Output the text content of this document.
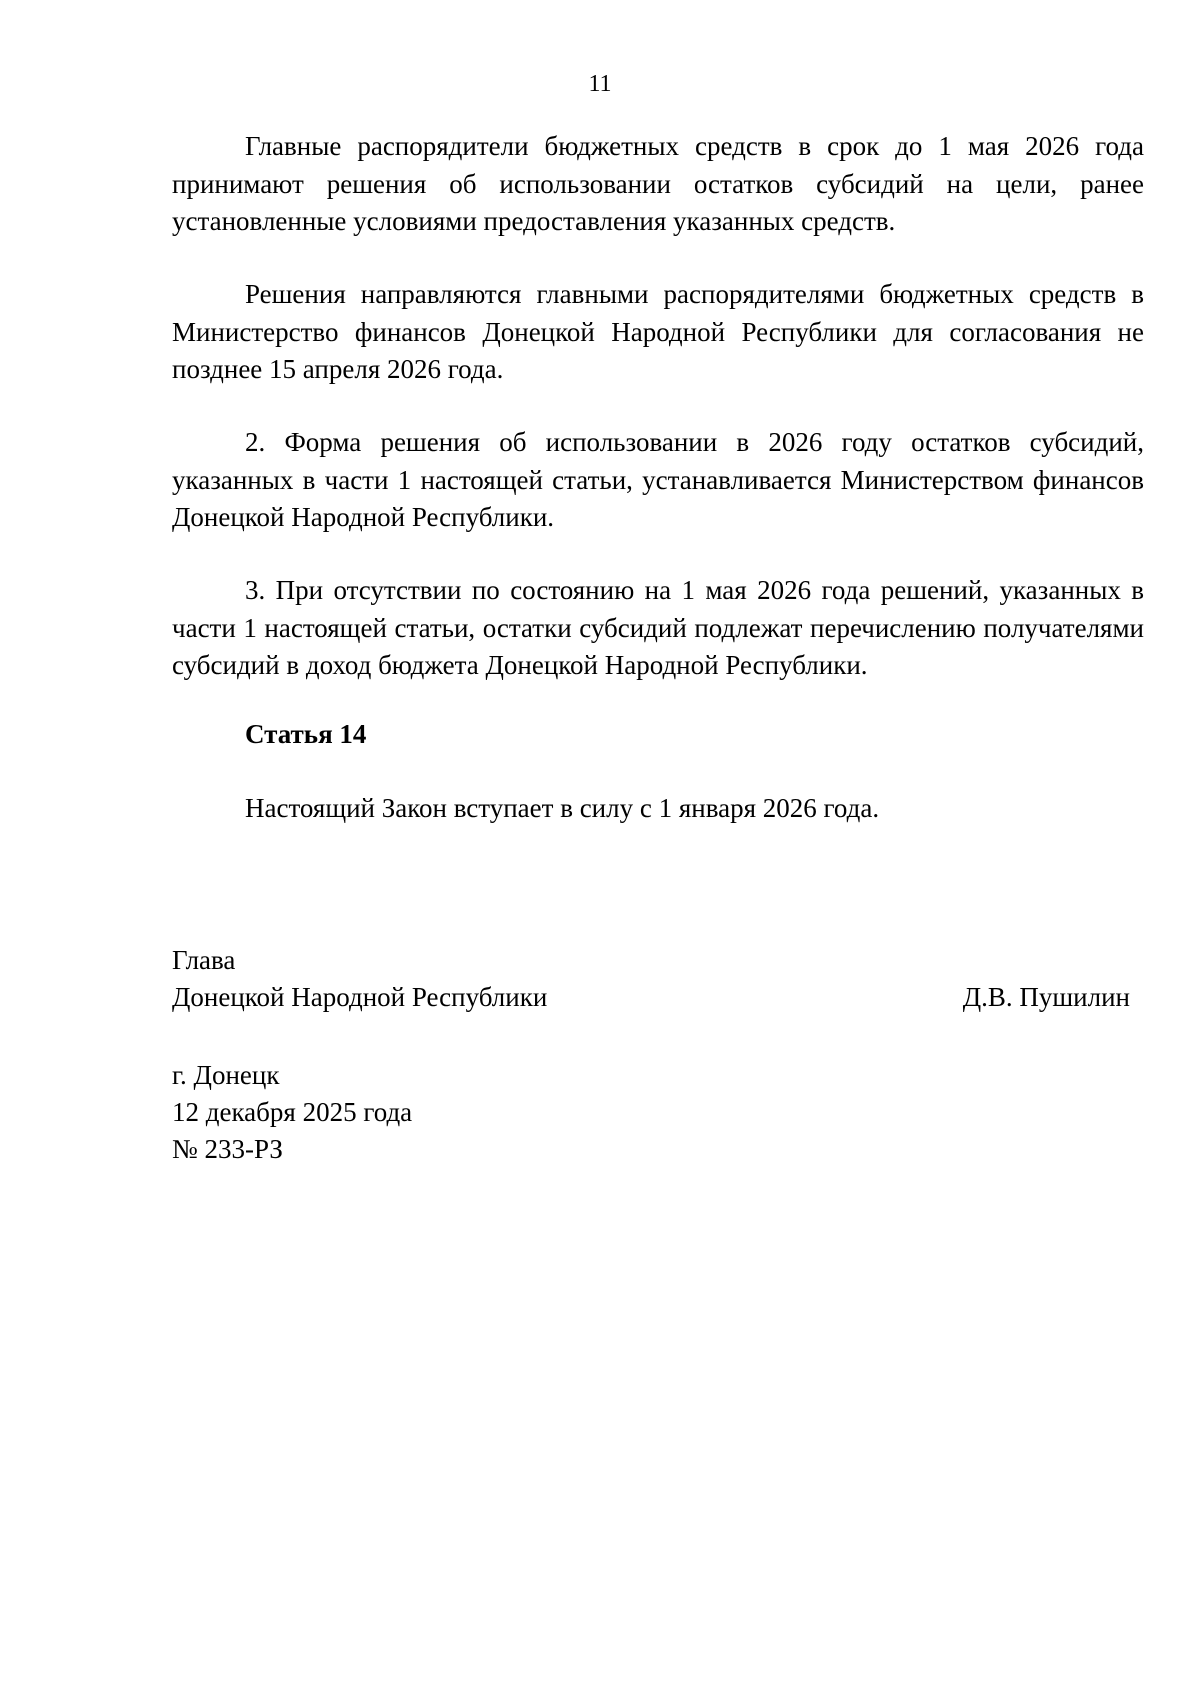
11

Главные распорядители бюджетных средств в срок до 1 мая 2026 года принимают решения об использовании остатков субсидий на цели, ранее установленные условиями предоставления указанных средств.

Решения направляются главными распорядителями бюджетных средств в Министерство финансов Донецкой Народной Республики для согласования не позднее 15 апреля 2026 года.

2. Форма решения об использовании в 2026 году остатков субсидий, указанных в части 1 настоящей статьи, устанавливается Министерством финансов Донецкой Народной Республики.

3. При отсутствии по состоянию на 1 мая 2026 года решений, указанных в части 1 настоящей статьи, остатки субсидий подлежат перечислению получателями субсидий в доход бюджета Донецкой Народной Республики.

Статья 14

Настоящий Закон вступает в силу с 1 января 2026 года.

Глава

Донецкой Народной Республики	Д.В. Пушилин

г. Донецк

12 декабря 2025 года

№ 233-РЗ
